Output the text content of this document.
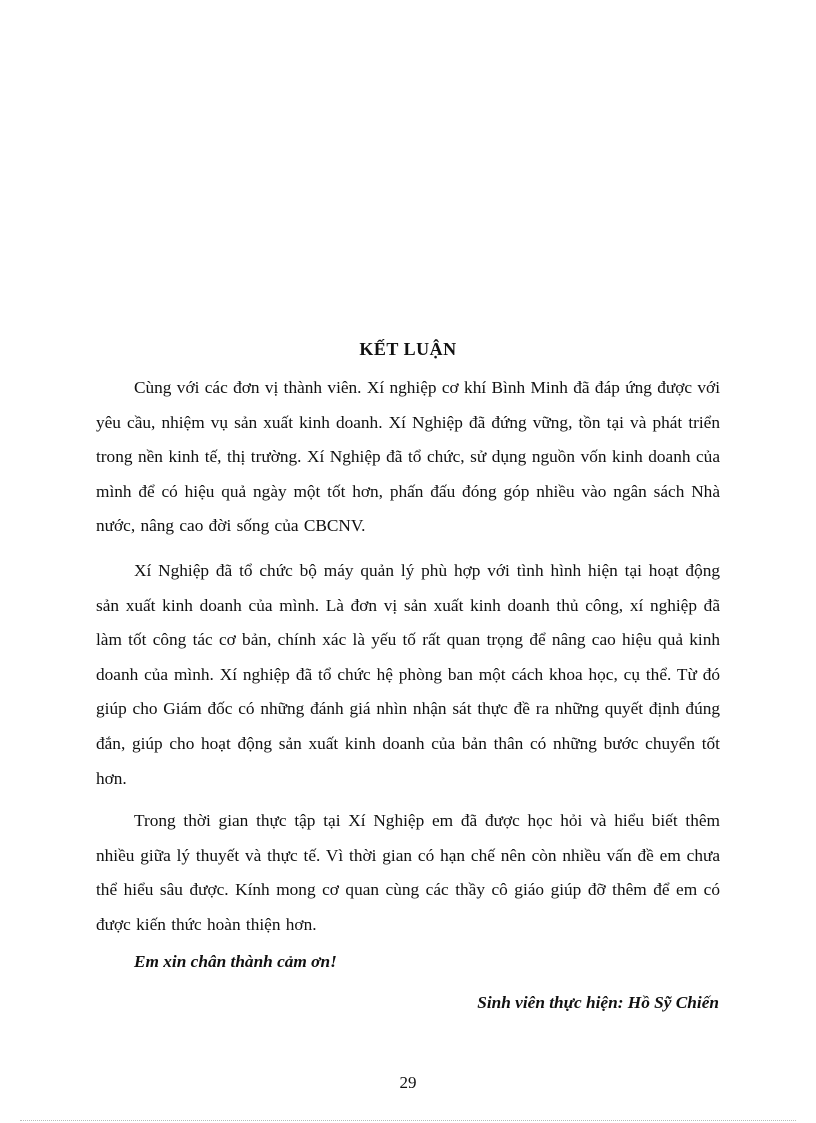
KẾT LUẬN

Cùng với các đơn vị thành viên. Xí nghiệp cơ khí Bình Minh đã đáp ứng được với yêu cầu, nhiệm vụ sản xuất kinh doanh. Xí Nghiệp đã đứng vững, tồn tại và phát triển trong nền kinh tế, thị trường. Xí Nghiệp đã tổ chức, sử dụng nguồn vốn kinh doanh của mình để có hiệu quả ngày một tốt hơn, phấn đấu đóng góp nhiều vào ngân sách Nhà nước, nâng cao đời sống của CBCNV.

Xí Nghiệp đã tổ chức bộ máy quản lý phù hợp với tình hình hiện tại hoạt động sản xuất kinh doanh của mình. Là đơn vị sản xuất kinh doanh thủ công, xí nghiệp đã làm tốt công tác cơ bản, chính xác là yếu tố rất quan trọng để nâng cao hiệu quả kinh doanh của mình. Xí nghiệp đã tổ chức hệ phòng ban một cách khoa học, cụ thể. Từ đó giúp cho Giám đốc có những đánh giá nhìn nhận sát thực đề ra những quyết định đúng đắn, giúp cho hoạt động sản xuất kinh doanh của bản thân có những bước chuyển tốt hơn.

Trong thời gian thực tập tại Xí Nghiệp em đã được học hỏi và hiểu biết thêm nhiều giữa lý thuyết và thực tế. Vì thời gian có hạn chế nên còn nhiều vấn đề em chưa thể hiểu sâu được. Kính mong cơ quan cùng các thầy cô giáo giúp đỡ thêm để em có được kiến thức hoàn thiện hơn.

Em xin chân thành cảm ơn!
Sinh viên thực hiện: Hồ Sỹ Chiến
29
